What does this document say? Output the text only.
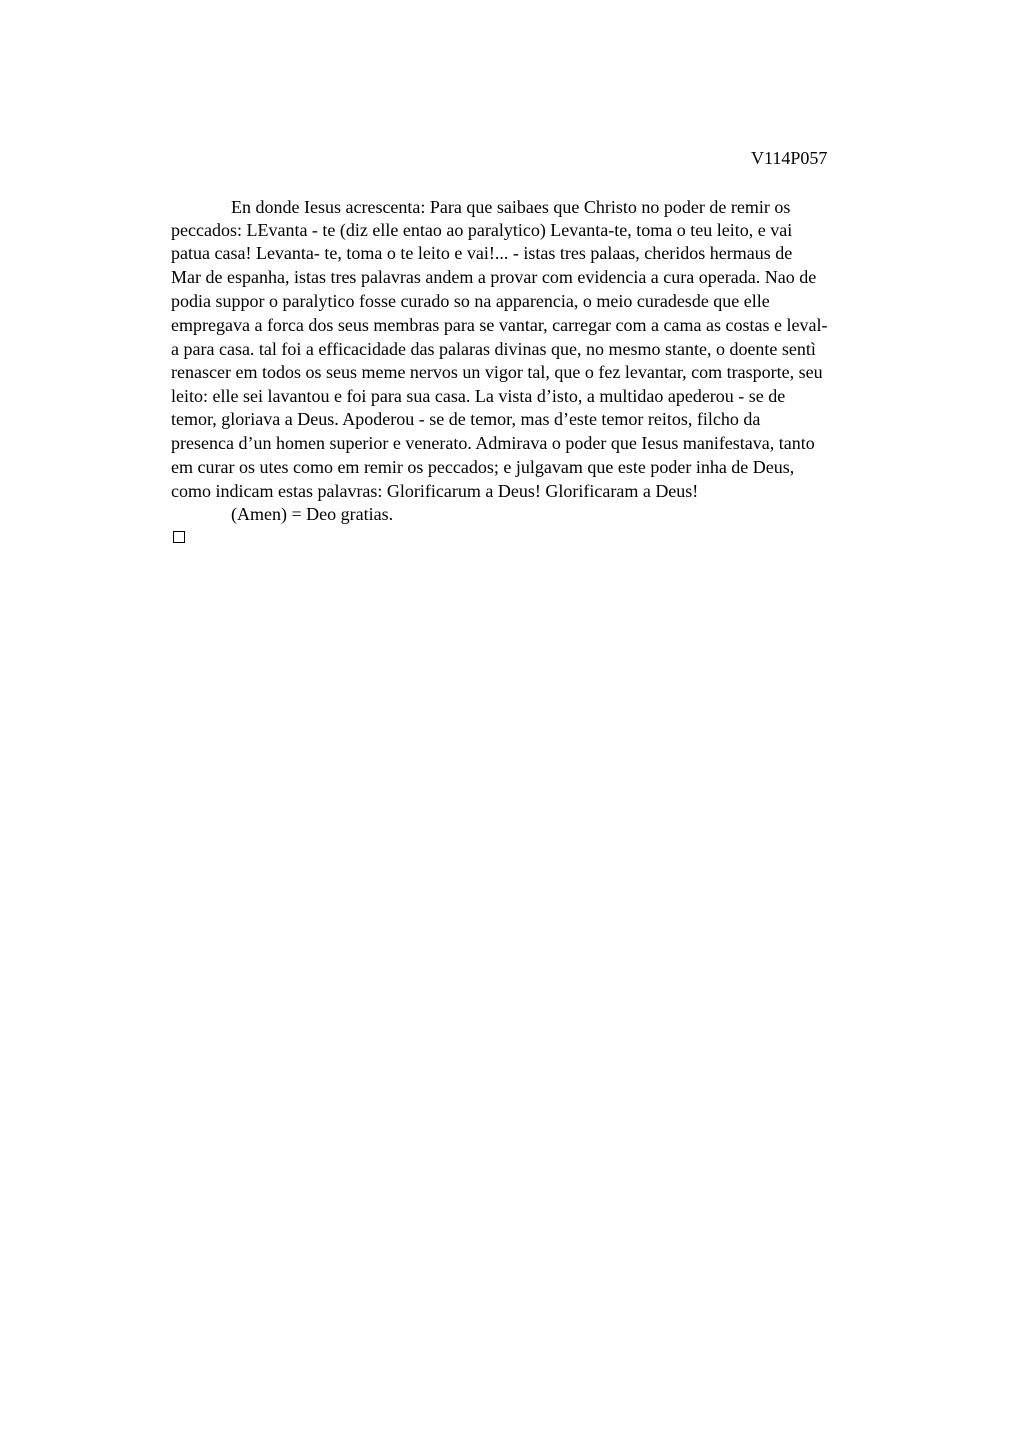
V114P057
En donde Iesus acrescenta: Para que saibaes que Christo no poder de remir os
peccados: LEvanta - te (diz elle entao ao paralytico) Levanta-te, toma o teu leito, e vai
patua casa! Levanta- te, toma o te leito e vai!... - istas tres palaas, cheridos hermaus de
Mar de espanha, istas tres palavras andem a provar com evidencia a cura operada. Nao de
podia suppor o paralytico fosse curado so na apparencia, o meio curadesde que elle
empregava a forca dos seus membras para se vantar, carregar com a cama as costas e leval-
a para casa. tal foi a efficacidade das palaras divinas que, no mesmo stante, o doente sentì
renascer em todos os seus meme nervos un vigor tal, que o fez levantar, com trasporte, seu
leito: elle sei lavantou e foi para sua casa. La vista d’isto, a multidao apederou - se de
temor, gloriava a Deus. Apoderou - se de temor, mas d’este temor reitos, filcho da
presenca d’un homen superior e venerato. Admirava o poder que Iesus manifestava, tanto
em curar os utes como em remir os peccados; e julgavam que este poder inha de Deus,
como indicam estas palavras: Glorificarum a Deus! Glorificaram a Deus!
(Amen) = Deo gratias.
